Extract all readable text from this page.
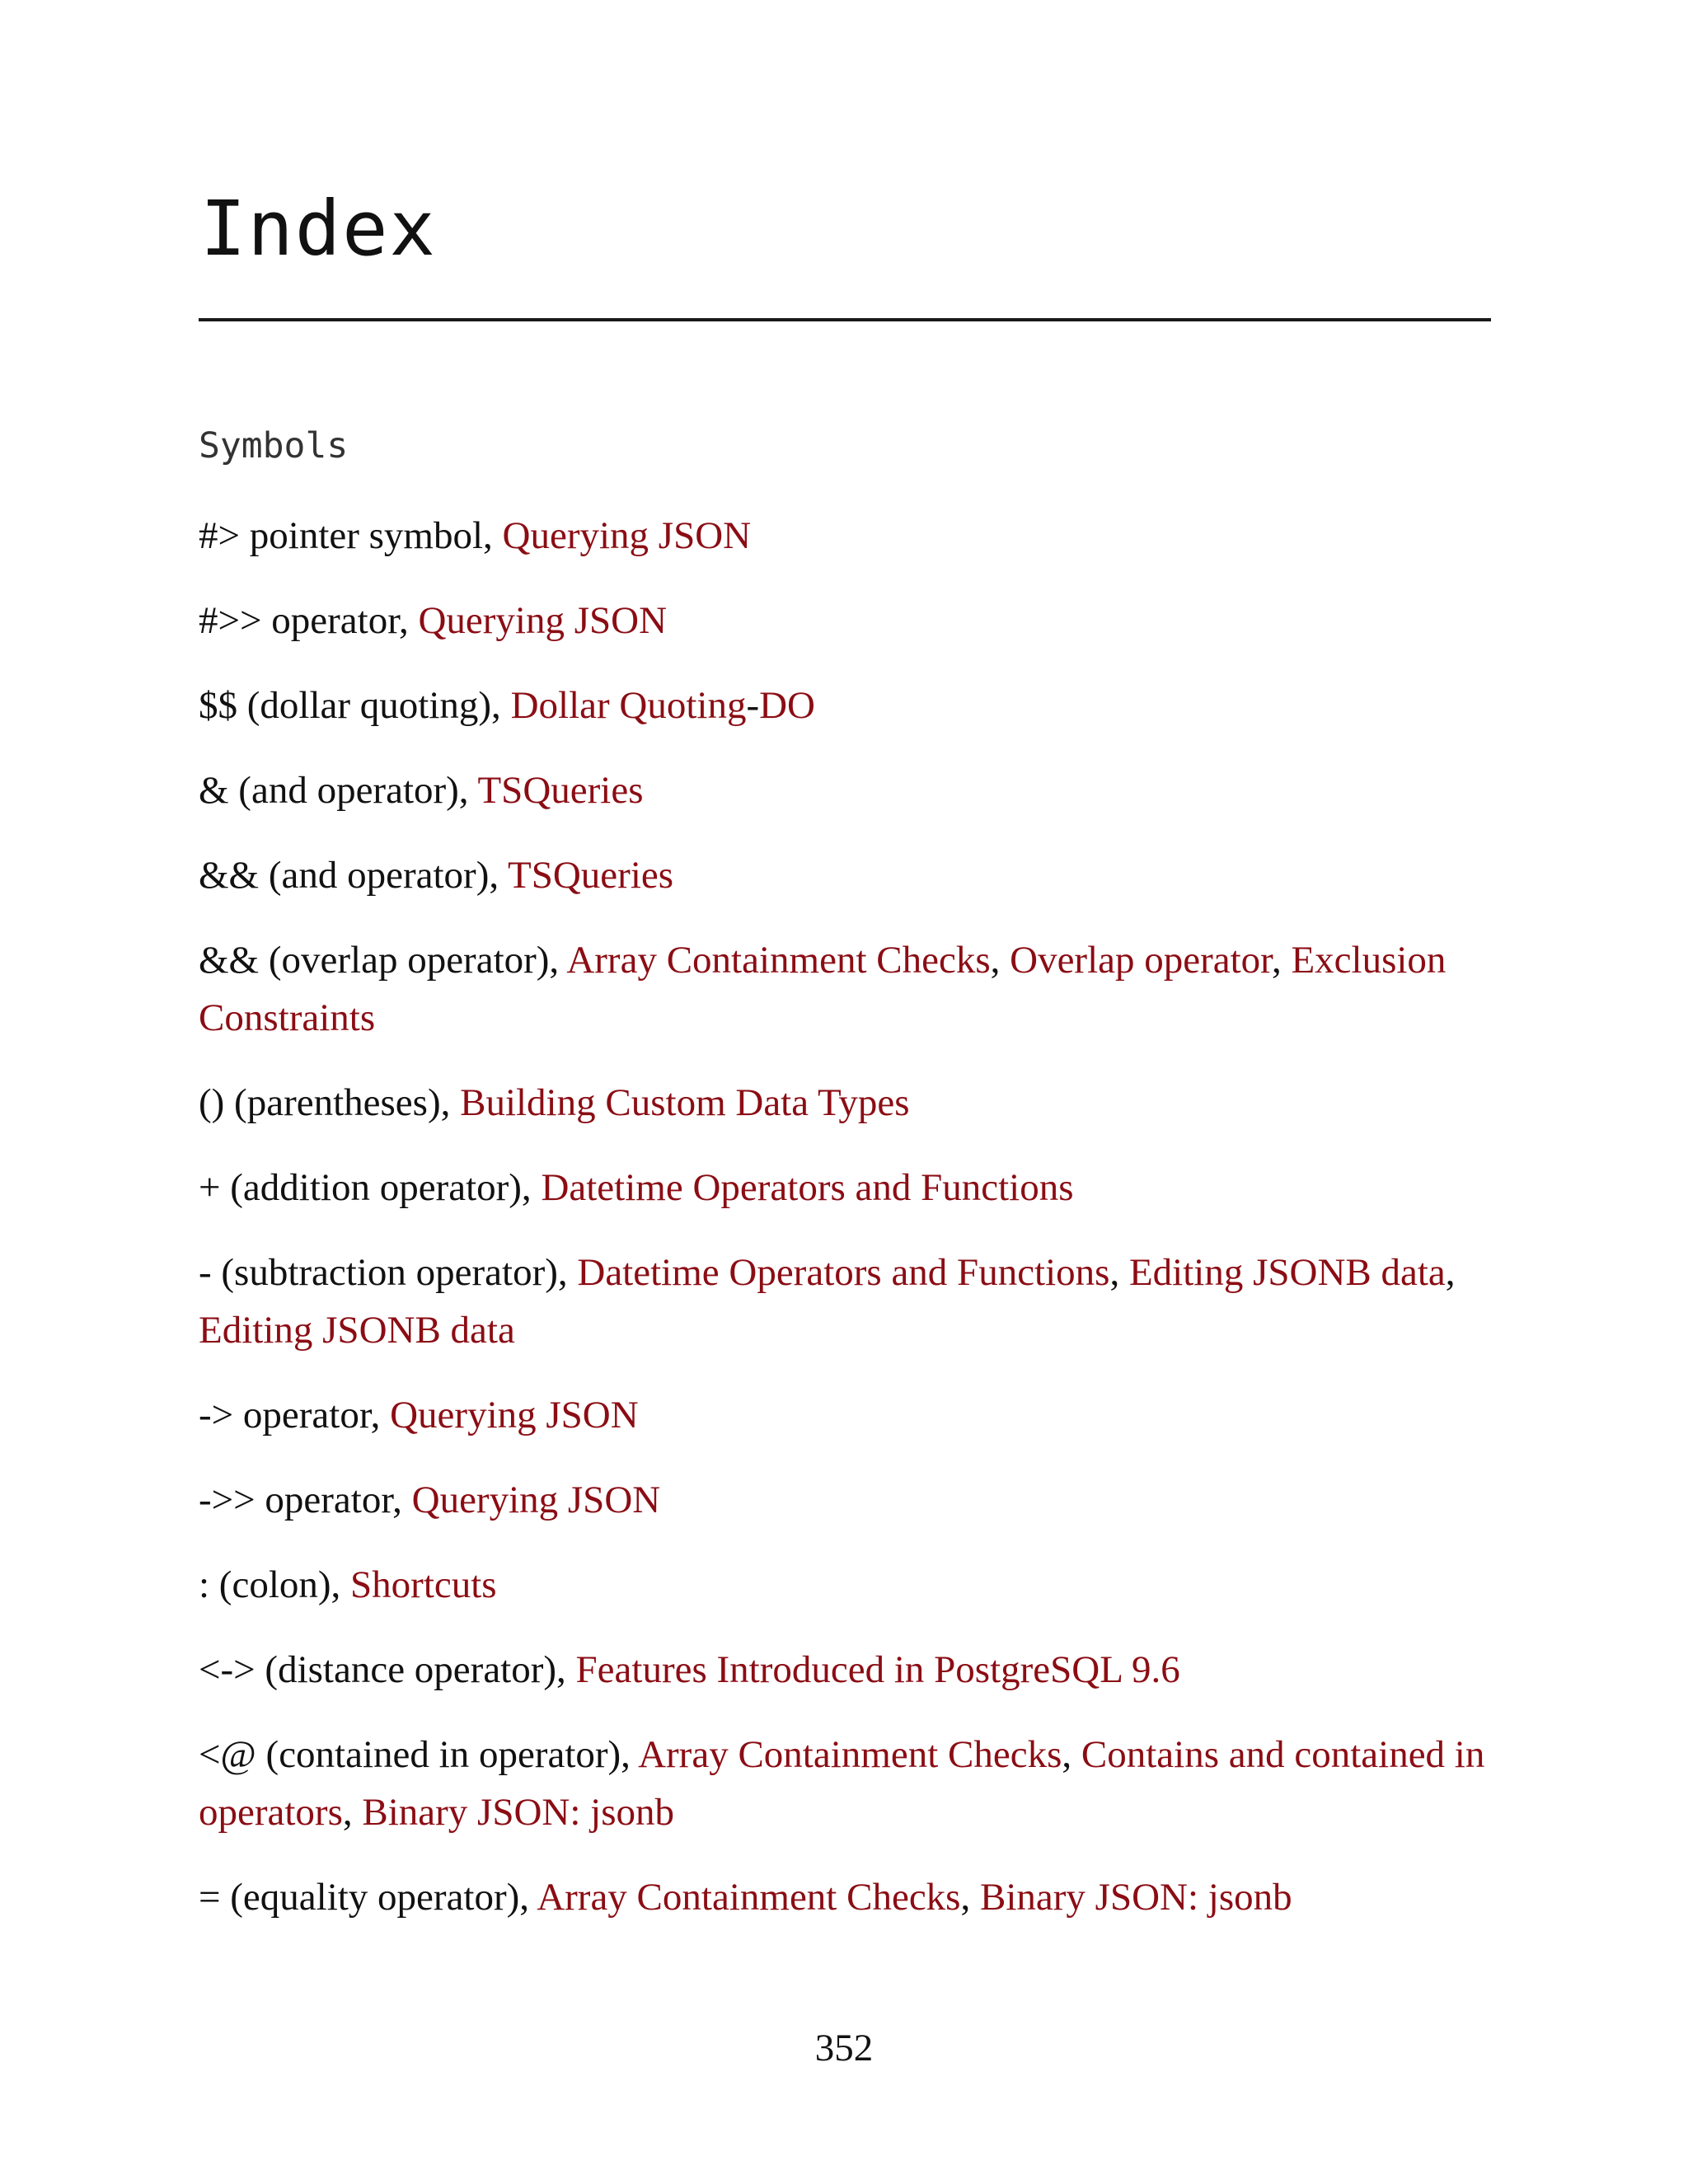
Index
Symbols
#> pointer symbol, Querying JSON
#>> operator, Querying JSON
$$ (dollar quoting), Dollar Quoting-DO
& (and operator), TSQueries
&& (and operator), TSQueries
&& (overlap operator), Array Containment Checks, Overlap operator, Exclusion Constraints
() (parentheses), Building Custom Data Types
+ (addition operator), Datetime Operators and Functions
- (subtraction operator), Datetime Operators and Functions, Editing JSONB data, Editing JSONB data
-> operator, Querying JSON
->> operator, Querying JSON
: (colon), Shortcuts
<-> (distance operator), Features Introduced in PostgreSQL 9.6
<@ (contained in operator), Array Containment Checks, Contains and contained in operators, Binary JSON: jsonb
= (equality operator), Array Containment Checks, Binary JSON: jsonb
352
